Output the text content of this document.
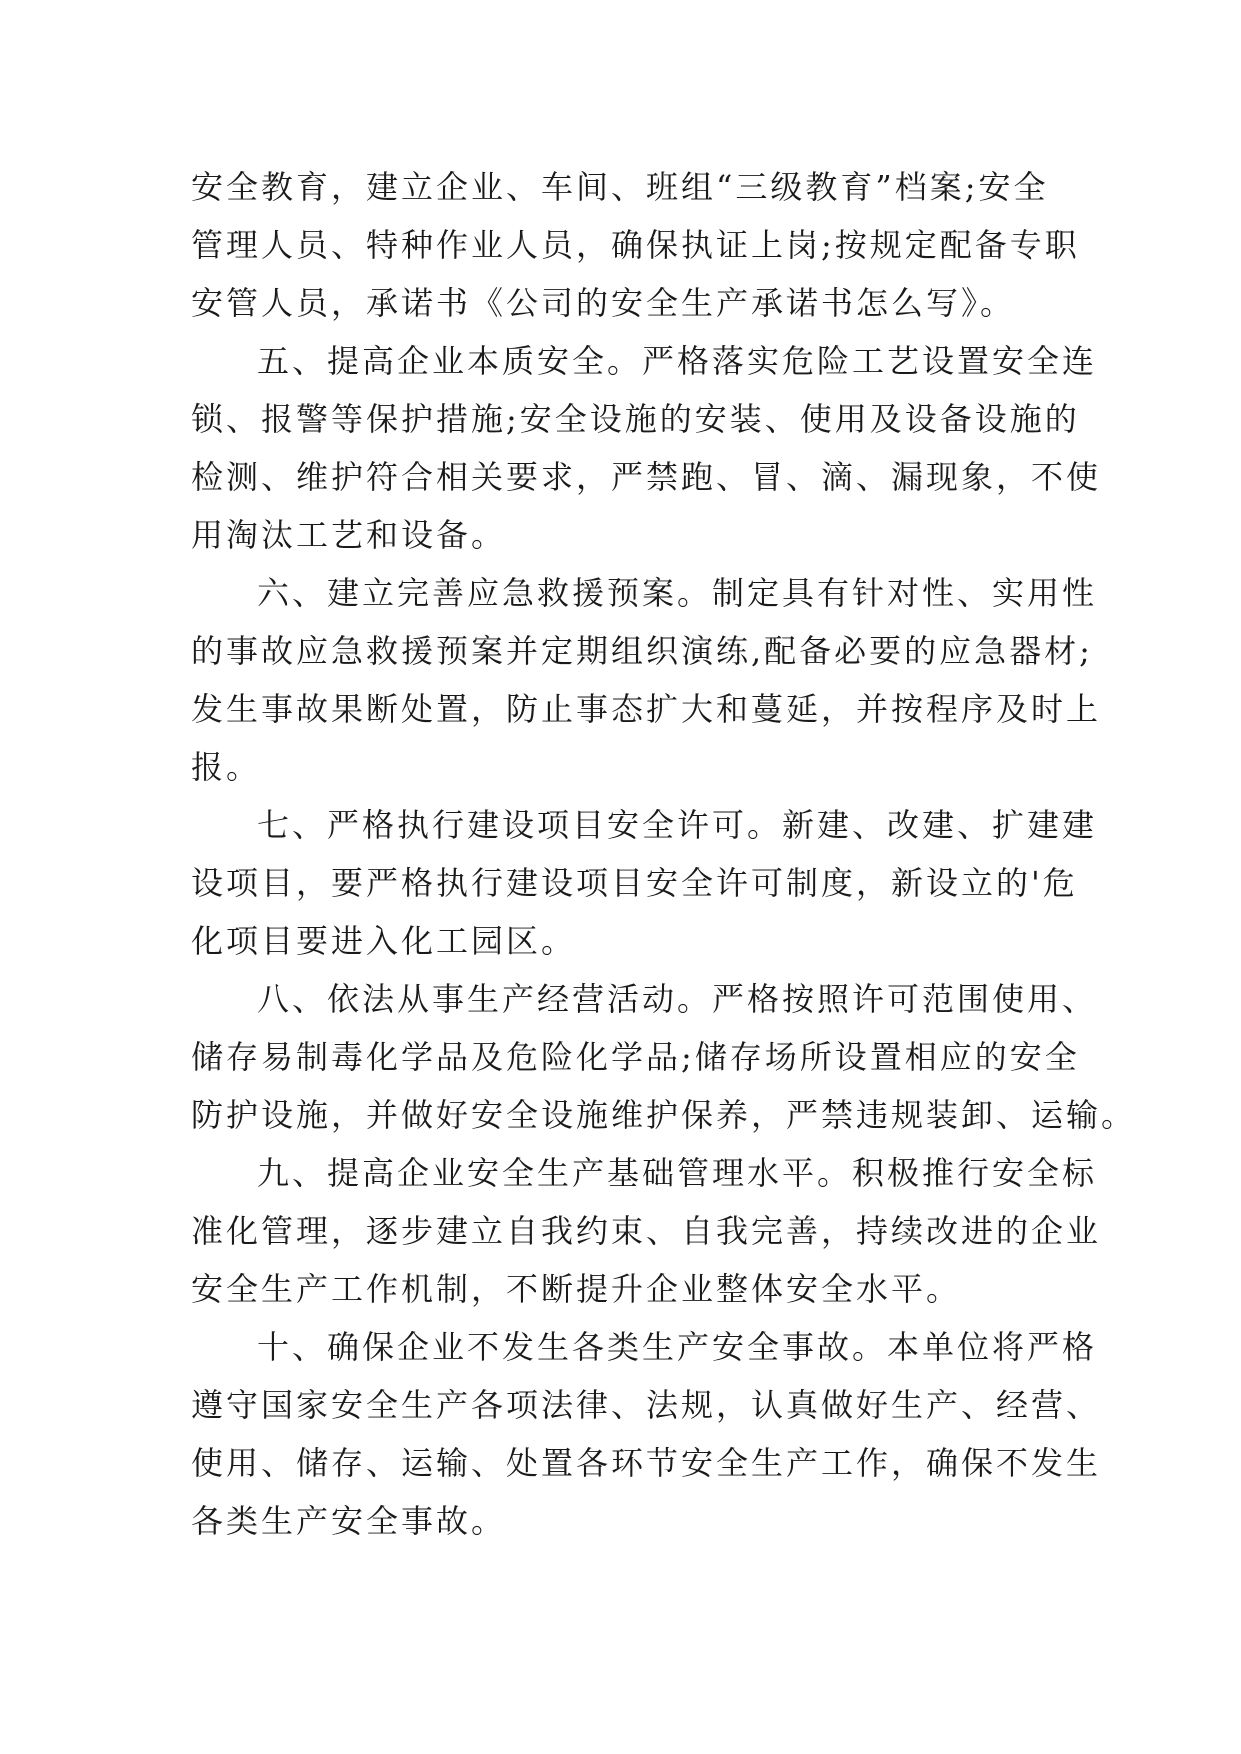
安全教育，建立企业、车间、班组“三级教育”档案;安全
管理人员、特种作业人员，确保执证上岗;按规定配备专职
安管人员，承诺书《公司的安全生产承诺书怎么写》。
五、提高企业本质安全。严格落实危险工艺设置安全连
锁、报警等保护措施;安全设施的安装、使用及设备设施的
检测、维护符合相关要求，严禁跑、冒、滴、漏现象，不使
用淘汰工艺和设备。
六、建立完善应急救援预案。制定具有针对性、实用性
的事故应急救援预案并定期组织演练,配备必要的应急器材;
发生事故果断处置，防止事态扩大和蔓延，并按程序及时上
报。
七、严格执行建设项目安全许可。新建、改建、扩建建
设项目，要严格执行建设项目安全许可制度，新设立的'危
化项目要进入化工园区。
八、依法从事生产经营活动。严格按照许可范围使用、
储存易制毒化学品及危险化学品;储存场所设置相应的安全
防护设施，并做好安全设施维护保养，严禁违规装卸、运输。
九、提高企业安全生产基础管理水平。积极推行安全标
准化管理，逐步建立自我约束、自我完善，持续改进的企业
安全生产工作机制，不断提升企业整体安全水平。
十、确保企业不发生各类生产安全事故。本单位将严格
遵守国家安全生产各项法律、法规，认真做好生产、经营、
使用、储存、运输、处置各环节安全生产工作，确保不发生
各类生产安全事故。
